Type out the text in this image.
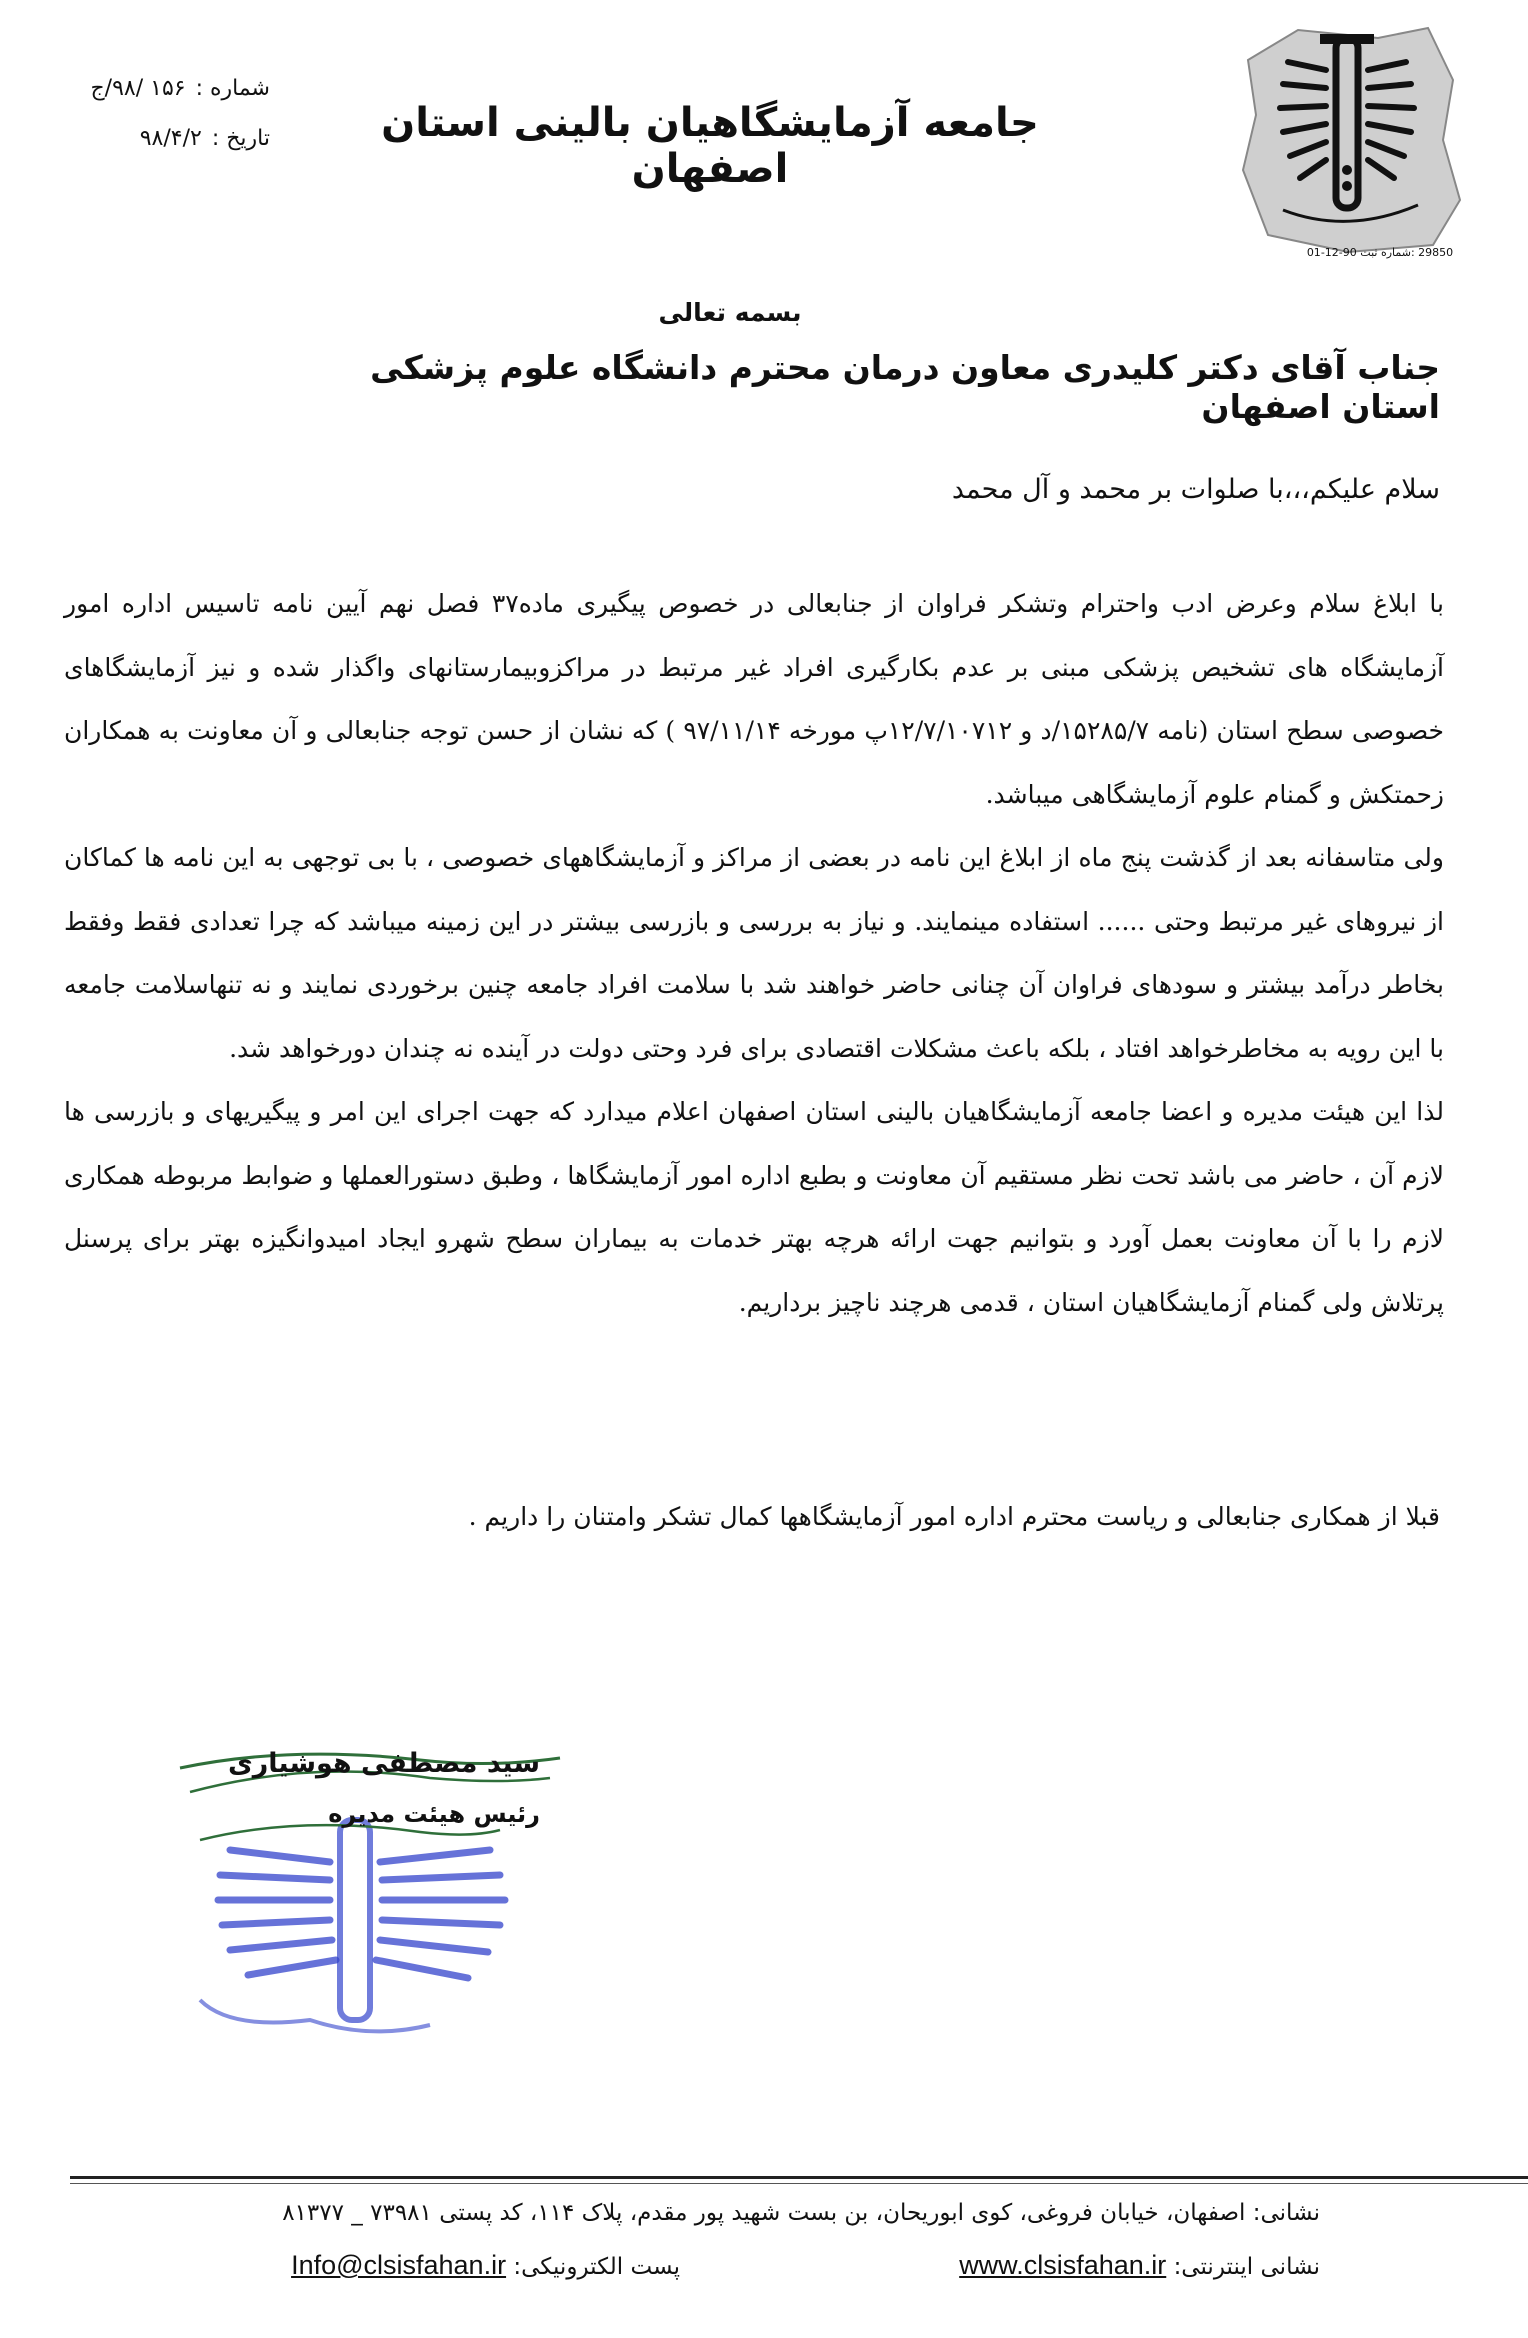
29850 :شماره ثبت 90-12-01
جامعه آزمایشگاهیان بالینی استان اصفهان
شماره :
۱۵۶ /۹۸/ج
تاریخ :
۹۸/۴/۲
بسمه تعالی
جناب آقای دکتر کلیدری معاون درمان محترم دانشگاه علوم پزشکی استان اصفهان
سلام علیکم،،،با صلوات بر محمد و آل محمد

با ابلاغ سلام وعرض ادب واحترام وتشکر فراوان از جنابعالی در خصوص پیگیری ماده۳۷ فصل نهم آیین نامه تاسیس اداره امور آزمایشگاه های تشخیص پزشکی مبنی بر عدم بکارگیری افراد غیر مرتبط در مراکزوبیمارستانهای واگذار شده و نیز آزمایشگاهای خصوصی سطح استان (نامه ۱۵۲۸۵/۷/د و ۱۲/۷/۱۰۷۱۲پ مورخه ۹۷/۱۱/۱۴ ) که نشان از حسن توجه جنابعالی و آن معاونت به همکاران زحمتکش و گمنام علوم آزمایشگاهی میباشد.

ولی متاسفانه بعد از گذشت پنج ماه از ابلاغ این نامه در بعضی از مراکز و آزمایشگاههای خصوصی ، با بی توجهی به این نامه ها کماکان از نیروهای غیر مرتبط وحتی ...... استفاده مینمایند. و نیاز به بررسی و بازرسی بیشتر در این زمینه میباشد که چرا تعدادی فقط وفقط بخاطر درآمد بیشتر و سودهای فراوان آن چنانی حاضر خواهند شد با سلامت افراد جامعه چنین برخوردی نمایند و نه تنهاسلامت جامعه با این رویه به مخاطرخواهد افتاد ، بلکه باعث مشکلات اقتصادی برای فرد وحتی دولت در آینده نه چندان دورخواهد شد.

لذا این هیئت مدیره و اعضا جامعه آزمایشگاهیان بالینی استان اصفهان اعلام میدارد که جهت اجرای این امر و پیگیریهای و بازرسی ها لازم آن ، حاضر می باشد تحت نظر مستقیم آن معاونت و بطبع اداره امور آزمایشگاها ، وطبق دستورالعملها و ضوابط مربوطه همکاری لازم را با آن معاونت بعمل آورد و بتوانیم جهت ارائه هرچه بهتر خدمات به بیماران سطح شهرو ایجاد امیدوانگیزه بهتر برای پرسنل پرتلاش ولی گمنام آزمایشگاهیان استان ، قدمی هرچند ناچیز برداریم.

قبلا از همکاری جنابعالی و ریاست محترم اداره امور آزمایشگاهها کمال تشکر وامتنان را داریم .
سید مصطفی هوشیاری
رئیس هیئت مدیره
نشانی: اصفهان، خیابان فروغی، کوی ابوریحان، بن بست شهید پور مقدم، پلاک ۱۱۴، کد پستی ۷۳۹۸۱ _ ۸۱۳۷۷
نشانی اینترنتی: www.clsisfahan.ir
پست الکترونیکی: Info@clsisfahan.ir
